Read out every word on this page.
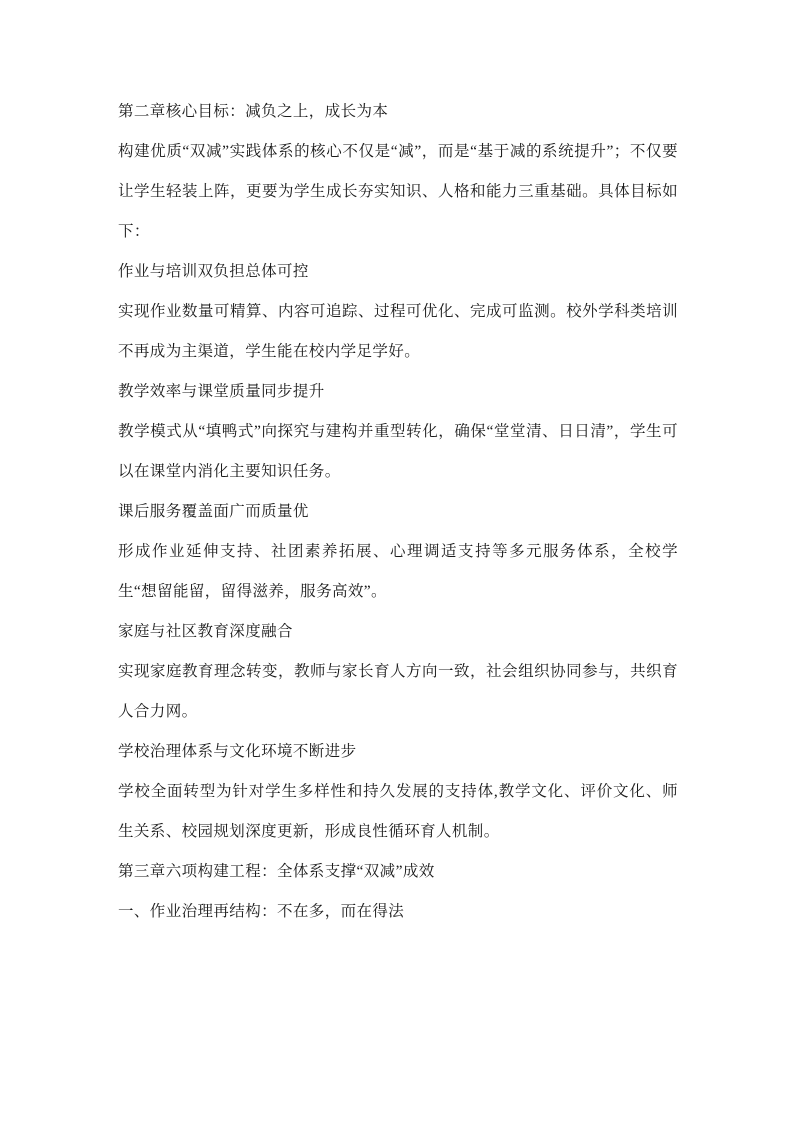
第二章核心目标：减负之上，成长为本

构建优质“双减”实践体系的核心不仅是“减”，而是“基于减的系统提升”；不仅要让学生轻装上阵，更要为学生成长夯实知识、人格和能力三重基础。具体目标如下：

作业与培训双负担总体可控

实现作业数量可精算、内容可追踪、过程可优化、完成可监测。校外学科类培训不再成为主渠道，学生能在校内学足学好。

教学效率与课堂质量同步提升

教学模式从“填鸭式”向探究与建构并重型转化，确保“堂堂清、日日清”，学生可以在课堂内消化主要知识任务。

课后服务覆盖面广而质量优

形成作业延伸支持、社团素养拓展、心理调适支持等多元服务体系，全校学生“想留能留，留得滋养，服务高效”。

家庭与社区教育深度融合

实现家庭教育理念转变，教师与家长育人方向一致，社会组织协同参与，共织育人合力网。

学校治理体系与文化环境不断进步

学校全面转型为针对学生多样性和持久发展的支持体,教学文化、评价文化、师生关系、校园规划深度更新，形成良性循环育人机制。

第三章六项构建工程：全体系支撑“双减”成效

一、作业治理再结构：不在多，而在得法
